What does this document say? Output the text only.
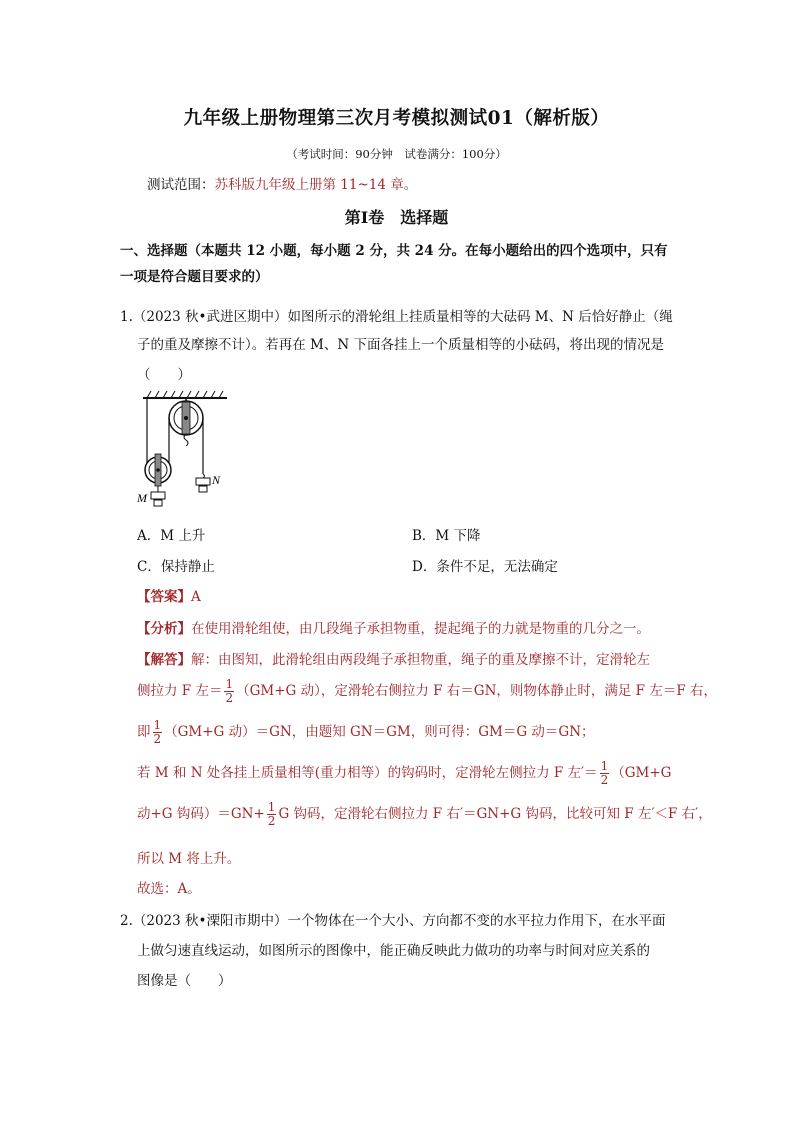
九年级上册物理第三次月考模拟测试01（解析版）
（考试时间：90分钟　试卷满分：100分）
测试范围：苏科版九年级上册第 11~14 章。
第Ⅰ卷　选择题
一、选择题（本题共 12 小题，每小题 2 分，共 24 分。在每小题给出的四个选项中，只有
一项是符合题目要求的）
1.（2023 秋•武进区期中）如图所示的滑轮组上挂质量相等的大砝码 M、N 后恰好静止（绳
子的重及摩擦不计）。若再在 M、N 下面各挂上一个质量相等的小砝码，将出现的情况是
（　　）
M
N
A．M 上升	B．M 下降
C．保持静止	D．条件不足，无法确定
【答案】A
【分析】在使用滑轮组使，由几段绳子承担物重，提起绳子的力就是物重的几分之一。
【解答】解：由图知，此滑轮组由两段绳子承担物重，绳子的重及摩擦不计，定滑轮左
侧拉力 F 左＝ $\frac{1}{2} (GM+G$ 动），定滑轮右侧拉力 F 右＝GN，则物体静止时，满足 F 左＝F 右，
即 $\frac{1}{2} (GM+G$ 动）＝GN，由题知 GN＝GM，则可得：GM＝G 动＝GN；
若 M 和 N 处各挂上质量相等(重力相等）的钩码时，定滑轮左侧拉力 F 左′＝ $\frac{1}{2} (GM+G$
动+G 钩码）$=GN+ \frac{1}{2}$ G 钩码，定滑轮右侧拉力 F 右′＝GN+G 钩码，比较可知 F 左′＜F 右′，
所以 M 将上升。
故选：A。
2.（2023 秋•溧阳市期中）一个物体在一个大小、方向都不变的水平拉力作用下，在水平面
上做匀速直线运动，如图所示的图像中，能正确反映此力做功的功率与时间对应关系的
图像是（　　）
